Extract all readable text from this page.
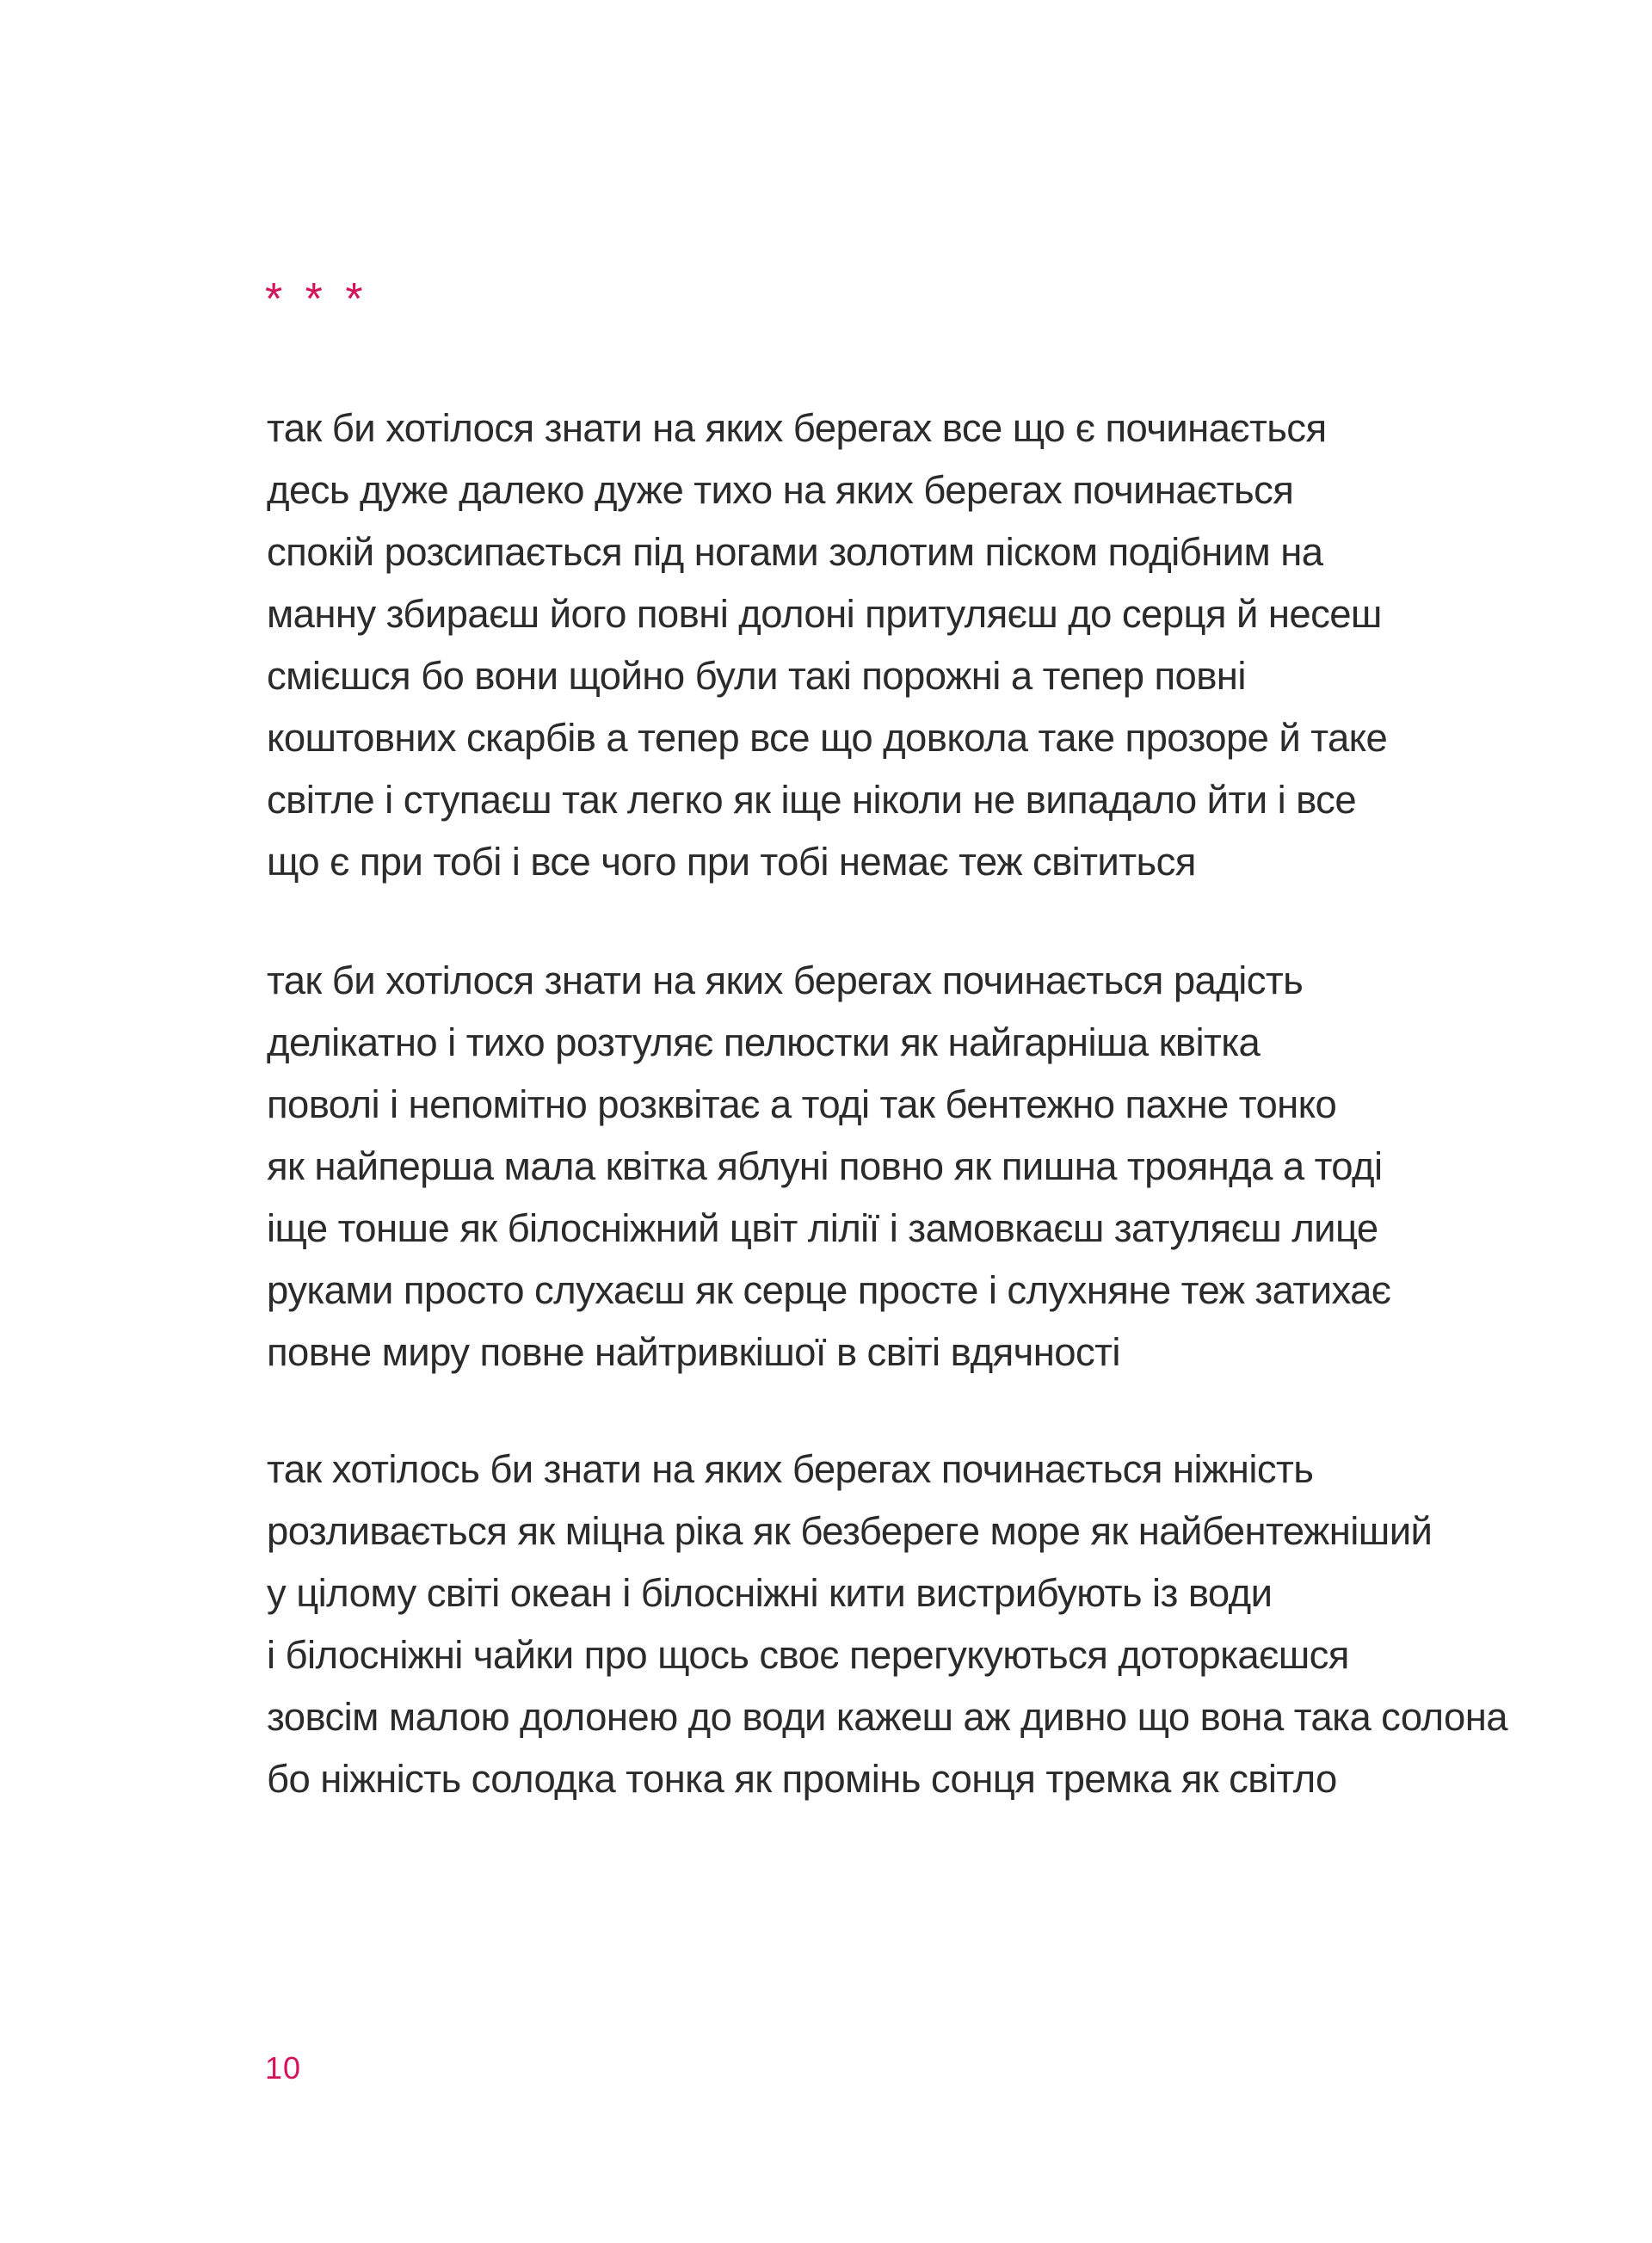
* * *

так би хотілося знати на яких берегах все що є починається
десь дуже далеко дуже тихо на яких берегах починається
спокій розсипається під ногами золотим піском подібним на
манну збираєш його повні долоні притуляєш до серця й несеш
смієшся бо вони щойно були такі порожні а тепер повні
коштовних скарбів а тепер все що довкола таке прозоре й таке
світле і ступаєш так легко як іще ніколи не випадало йти і все
що є при тобі і все чого при тобі немає теж світиться

так би хотілося знати на яких берегах починається радість
делікатно і тихо розтуляє пелюстки як найгарніша квітка
поволі і непомітно розквітає а тоді так бентежно пахне тонко
як найперша мала квітка яблуні повно як пишна троянда а тоді
іще тонше як білосніжний цвіт лілії і замовкаєш затуляєш лице
руками просто слухаєш як серце просте і слухняне теж затихає
повне миру повне найтривкішої в світі вдячності

так хотілось би знати на яких берегах починається ніжність
розливається як міцна ріка як безберегe море як найбентежніший
у цілому світі океан і білосніжні кити вистрибують із води
і білосніжні чайки про щось своє перегукуються доторкаєшся
зовсім малою долонею до води кажеш аж дивно що вона така солона
бо ніжність солодка тонка як промінь сонця тремка як світло

10
